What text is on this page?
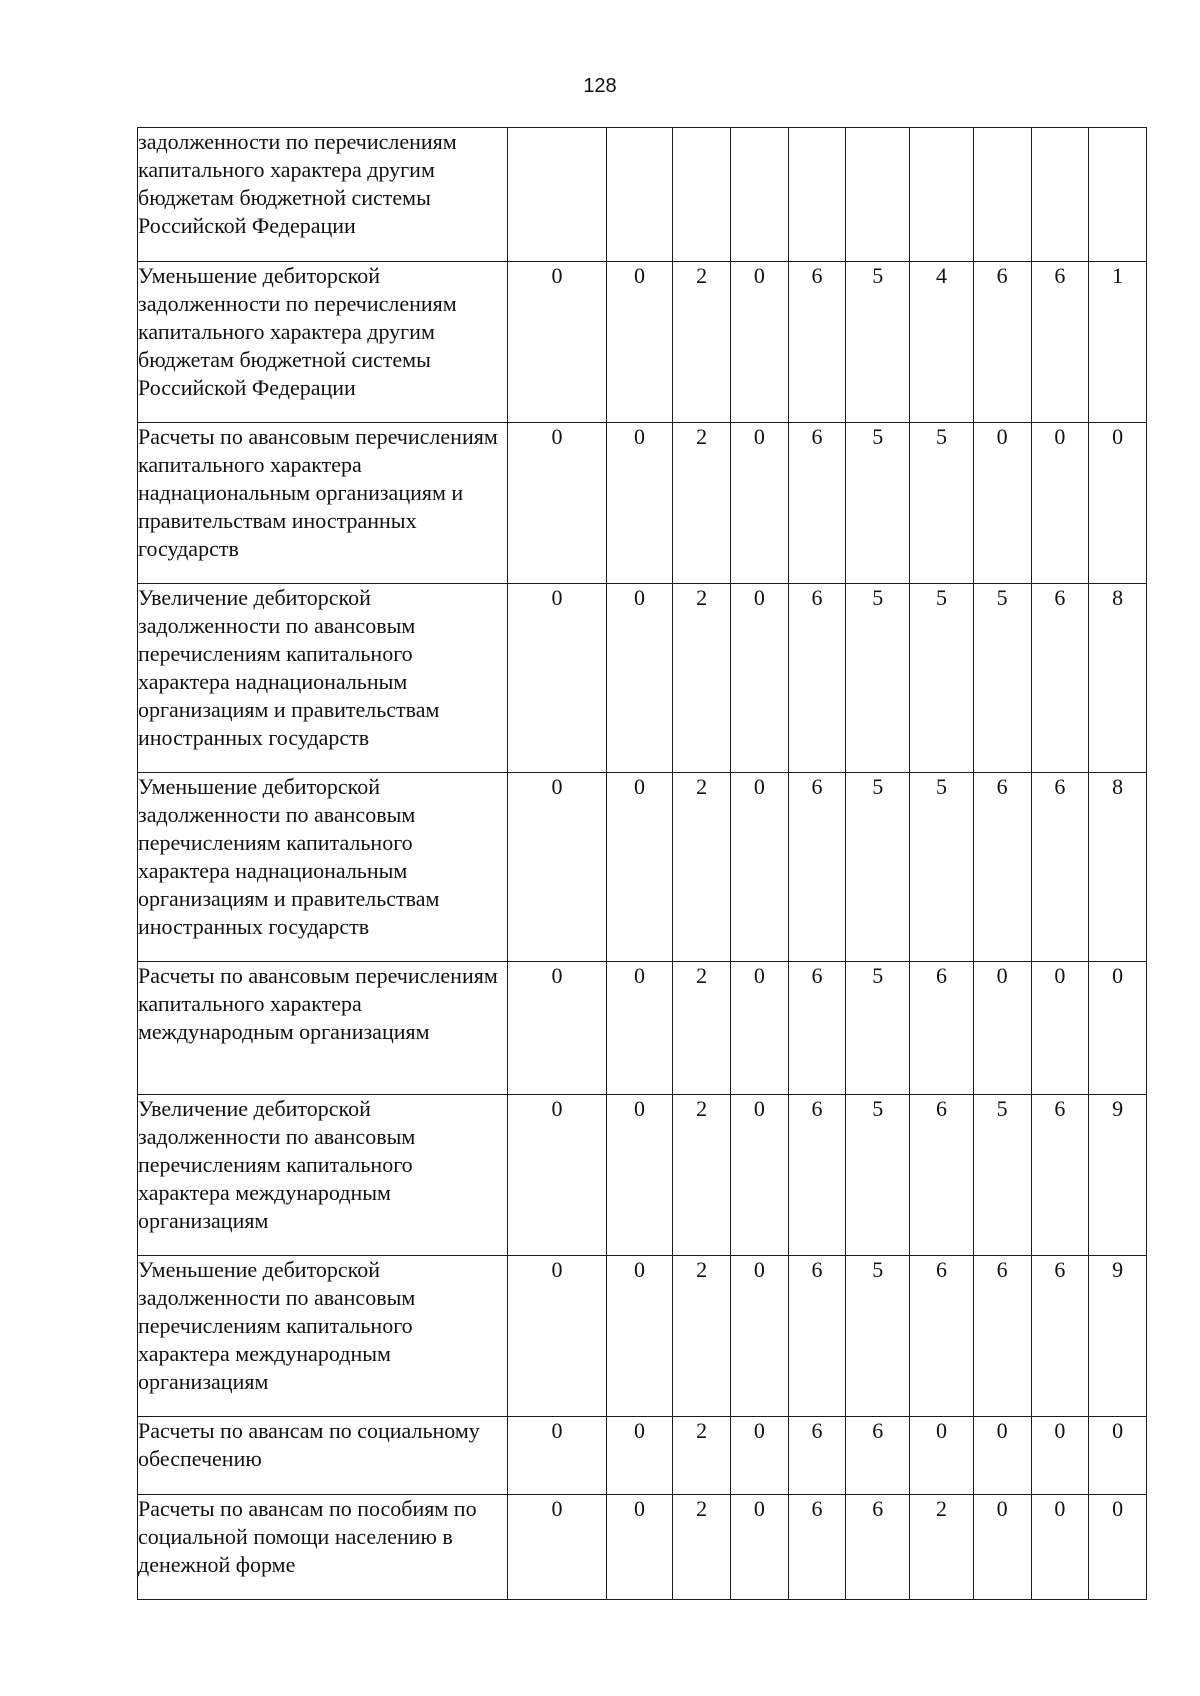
128
задолженности по перечислениям капитального характера другим бюджетам бюджетной системы Российской Федерации										
Уменьшение дебиторской задолженности по перечислениям капитального характера другим бюджетам бюджетной системы Российской Федерации	0	0	2	0	6	5	4	6	6	1
Расчеты по авансовым перечислениям капитального характера наднациональным организациям и правительствам иностранных государств	0	0	2	0	6	5	5	0	0	0
Увеличение дебиторской задолженности по авансовым перечислениям капитального характера наднациональным организациям и правительствам иностранных государств	0	0	2	0	6	5	5	5	6	8
Уменьшение дебиторской задолженности по авансовым перечислениям капитального характера наднациональным организациям и правительствам иностранных государств	0	0	2	0	6	5	5	6	6	8
Расчеты по авансовым перечислениям капитального характера международным организациям	0	0	2	0	6	5	6	0	0	0
Увеличение дебиторской задолженности по авансовым перечислениям капитального характера международным организациям	0	0	2	0	6	5	6	5	6	9
Уменьшение дебиторской задолженности по авансовым перечислениям капитального характера международным организациям	0	0	2	0	6	5	6	6	6	9
Расчеты по авансам по социальному обеспечению	0	0	2	0	6	6	0	0	0	0
Расчеты по авансам по пособиям по социальной помощи населению в денежной форме	0	0	2	0	6	6	2	0	0	0
